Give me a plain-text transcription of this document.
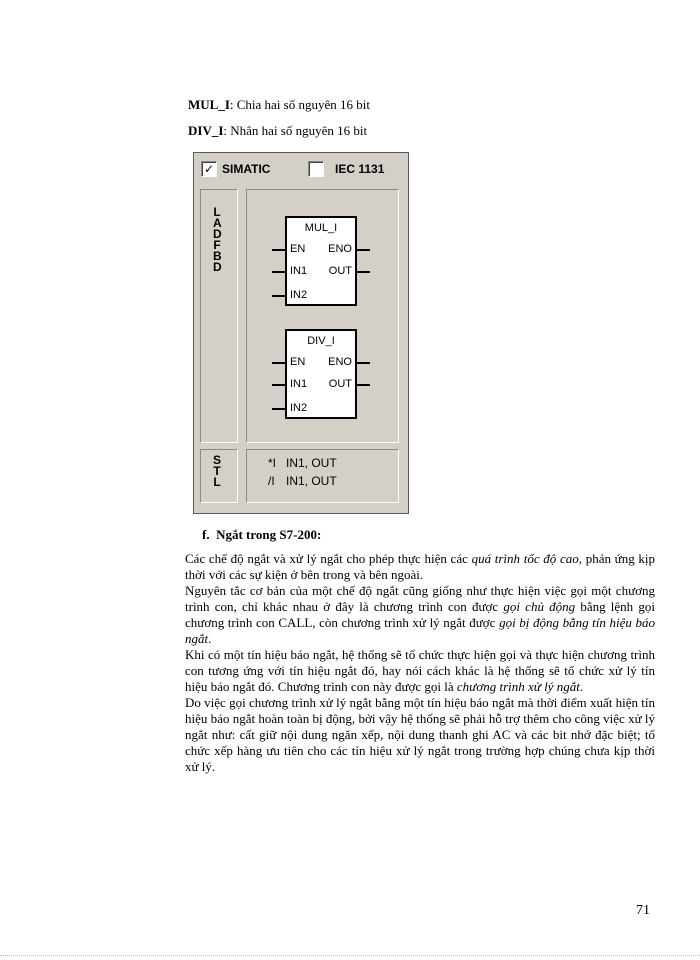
MUL_I: Chia hai số nguyên 16 bit
DIV_I: Nhân hai số nguyên 16 bit
✓ SIMATIC	IEC 1131
L A D F B D
MUL_I
EN ENO
IN1 OUT
IN2
DIV_I
EN ENO
IN1 OUT
IN2
S T L
*I IN1, OUT
/I IN1, OUT
f. Ngắt trong S7-200:

Các chế độ ngắt và xử lý ngắt cho phép thực hiện các quá trình tốc độ cao, phản ứng kịp thời với các sự kiện ở bên trong và bên ngoài.

Nguyên tắc cơ bản của một chế độ ngắt cũng giống như thực hiện việc gọi một chương trình con, chỉ khác nhau ở đây là chương trình con được gọi chủ động bằng lệnh gọi chương trình con CALL, còn chương trình xử lý ngắt được gọi bị động bằng tín hiệu báo ngắt.

Khi có một tín hiệu báo ngắt, hệ thống sẽ tổ chức thực hiện gọi và thực hiện chương trình con tương ứng với tín hiệu ngắt đó, hay nói cách khác là hệ thống sẽ tổ chức xử lý tín hiệu báo ngắt đó. Chương trình con này được gọi là chương trình xử lý ngắt.

Do việc gọi chương trình xử lý ngắt bằng một tín hiệu báo ngắt mà thời điểm xuất hiện tín hiệu báo ngắt hoàn toàn bị động, bởi vậy hệ thống sẽ phải hỗ trợ thêm cho công việc xử lý ngắt như: cất giữ nội dung ngăn xếp, nội dung thanh ghi AC và các bit nhớ đặc biệt; tổ chức xếp hàng ưu tiên cho các tín hiệu xử lý ngắt trong trường hợp chúng chưa kịp thời xử lý.

71
